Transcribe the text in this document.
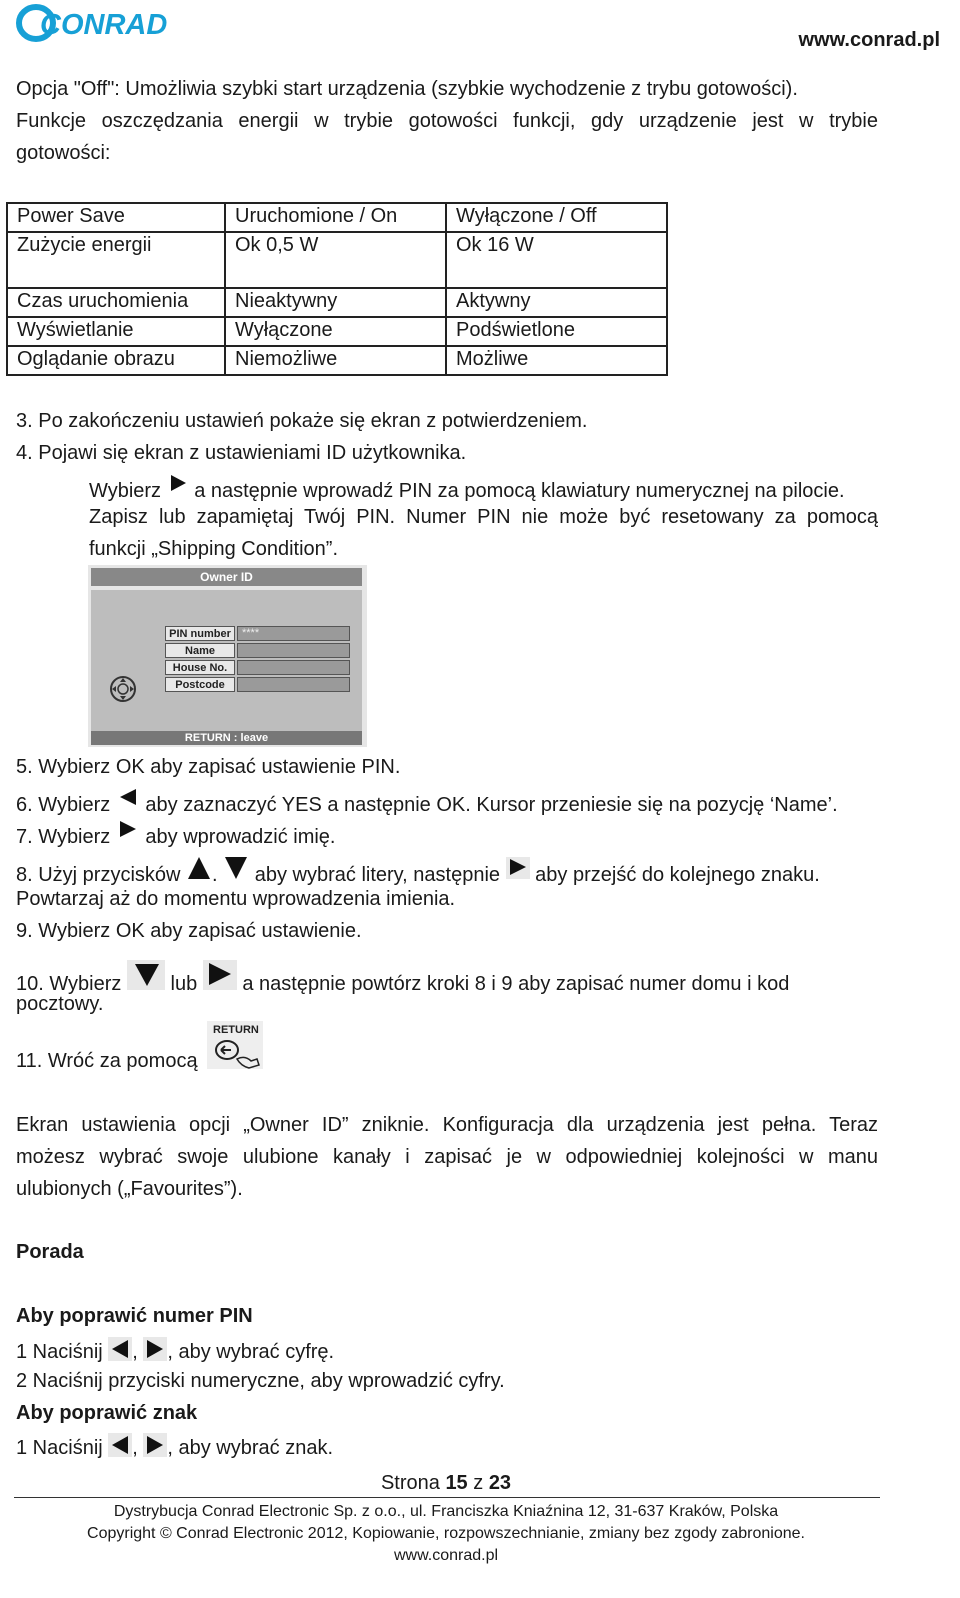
CONRAD	www.conrad.pl
Opcja "Off": Umożliwia szybki start urządzenia (szybkie wychodzenie z trybu gotowości).
Funkcje oszczędzania energii w trybie gotowości funkcji, gdy urządzenie jest w trybie
gotowości:
Power Save	Uruchomione / On	Wyłączone / Off
Zużycie energii	Ok 0,5 W	Ok 16 W
Czas uruchomienia	Nieaktywny	Aktywny
Wyświetlanie	Wyłączone	Podświetlone
Oglądanie obrazu	Niemożliwe	Możliwe
3. Po zakończeniu ustawień pokaże się ekran z potwierdzeniem.
4. Pojawi się ekran z ustawieniami ID użytkownika.
Wybierz a następnie wprowadź PIN za pomocą klawiatury numerycznej na pilocie.
Zapisz lub zapamiętaj Twój PIN. Numer PIN nie może być resetowany za pomocą
funkcji „Shipping Condition”.
Owner ID
PIN number	****
Name
House No.
Postcode
RETURN : leave
5. Wybierz OK aby zapisać ustawienie PIN.
6. Wybierz aby zaznaczyć YES a następnie OK. Kursor przeniesie się na pozycję ‘Name’.
7. Wybierz aby wprowadzić imię.
8. Użyj przycisków . aby wybrać litery, następnie aby przejść do kolejnego znaku.
Powtarzaj aż do momentu wprowadzenia imienia.
9. Wybierz OK aby zapisać ustawienie.
10. Wybierz lub a następnie powtórz kroki 8 i 9 aby zapisać numer domu i kod
pocztowy.
11. Wróć za pomocą
RETURN
Ekran ustawienia opcji „Owner ID” zniknie. Konfiguracja dla urządzenia jest pełna. Teraz
możesz wybrać swoje ulubione kanały i zapisać je w odpowiedniej kolejności w manu
ulubionych („Favourites”).
Porada
Aby poprawić numer PIN
1 Naciśnij , , aby wybrać cyfrę.
2 Naciśnij przyciski numeryczne, aby wprowadzić cyfry.
Aby poprawić znak
1 Naciśnij , , aby wybrać znak.
Strona 15 z 23
Dystrybucja Conrad Electronic Sp. z o.o., ul. Franciszka Kniaźnina 12, 31-637 Kraków, Polska
Copyright © Conrad Electronic 2012, Kopiowanie, rozpowszechnianie, zmiany bez zgody zabronione.
www.conrad.pl
